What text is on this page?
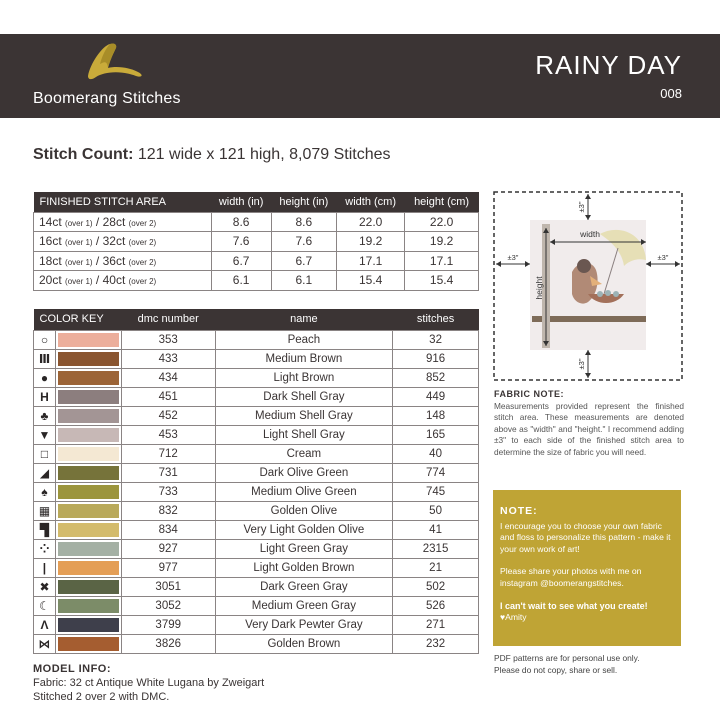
Boomerang Stitches
RAINY DAY
008
Stitch Count: 121 wide x 121 high, 8,079 Stitches
FINISHED STITCH AREA	width (in)	height (in)	width (cm)	height (cm)
14ct (over 1) / 28ct (over 2)	8.6	8.6	22.0	22.0
16ct (over 1) / 32ct (over 2)	7.6	7.6	19.2	19.2
18ct (over 1) / 36ct (over 2)	6.7	6.7	17.1	17.1
20ct (over 1) / 40ct (over 2)	6.1	6.1	15.4	15.4
COLOR KEY		dmc number	name	stitches
○		353	Peach	32
Ⅲ		433	Medium Brown	916
●		434	Light Brown	852
H		451	Dark Shell Gray	449
♣		452	Medium Shell Gray	148
▼		453	Light Shell Gray	165
□		712	Cream	40
◢		731	Dark Olive Green	774
♠		733	Medium Olive Green	745
▦		832	Golden Olive	50
▜		834	Very Light Golden Olive	41
⁘		927	Light Green Gray	2315
|		977	Light Golden Brown	21
✖		3051	Dark Green Gray	502
☾		3052	Medium Green Gray	526
Λ		3799	Very Dark Pewter Gray	271
⋈		3826	Golden Brown	232
MODEL INFO:
Fabric: 32 ct Antique White Lugana by Zweigart
Stitched 2 over 2 with DMC.
width
height
±3"
±3"
±3"	±3"
FABRIC NOTE:
Measurements provided represent the finished stitch area. These measurements are denoted above as "width" and "height." I recommend adding ±3" to each side of the finished stitch area to determine the size of fabric you will need.
NOTE:

I encourage you to choose your own fabric and floss to personalize this pattern - make it your own work of art!

Please share your photos with me on instagram @boomerangstitches.

I can't wait to see what you create!
♥Amity
PDF patterns are for personal use only.
Please do not copy, share or sell.
